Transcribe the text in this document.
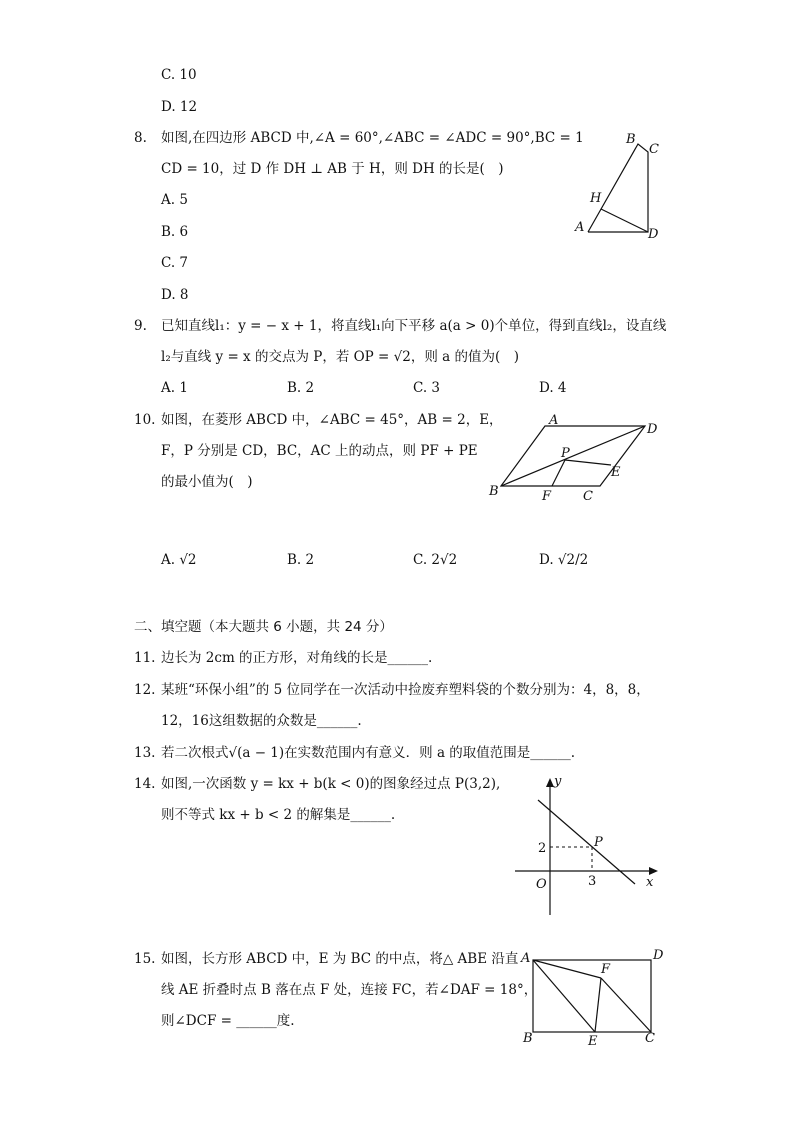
C. 10
D. 12
8. 如图,在四边形 ABCD 中,∠A = 60°,∠ABC = ∠ADC = 90°,BC = 1
CD = 10，过 D 作 DH ⊥ AB 于 H，则 DH 的长是(　)
A. 5
B. 6
C. 7
D. 8
B
C
H
A	D
9. 已知直线l₁：y = − x + 1，将直线l₁向下平移 a(a > 0)个单位，得到直线l₂，设直线
l₂与直线 y = x 的交点为 P，若 OP = √2，则 a 的值为(　)
A. 1	B. 2	C. 3	D. 4
10. 如图，在菱形 ABCD 中，∠ABC = 45°，AB = 2，E，
F，P 分别是 CD，BC，AC 上的动点，则 PF + PE
的最小值为(　)
A
D
P
E
B	F C
A. √2	B. 2	C. 2√2	D. √2/2
二、填空题（本大题共 6 小题，共 24 分）
11. 边长为 2cm 的正方形，对角线的长是______.
12. 某班“环保小组”的 5 位同学在一次活动中捡废弃塑料袋的个数分别为：4，8，8，
12，16这组数据的众数是______.
13. 若二次根式√(a − 1)在实数范围内有意义．则 a 的取值范围是______.
14. 如图,一次函数 y = kx + b(k < 0)的图象经过点 P(3,2),
则不等式 kx + b < 2 的解集是______.
y
x
O
P
2
3
15. 如图，长方形 ABCD 中，E 为 BC 的中点，将△ ABE 沿直
线 AE 折叠时点 B 落在点 F 处，连接 FC，若∠DAF = 18°，
则∠DCF = ______度.
A	D
F
B	E	C
